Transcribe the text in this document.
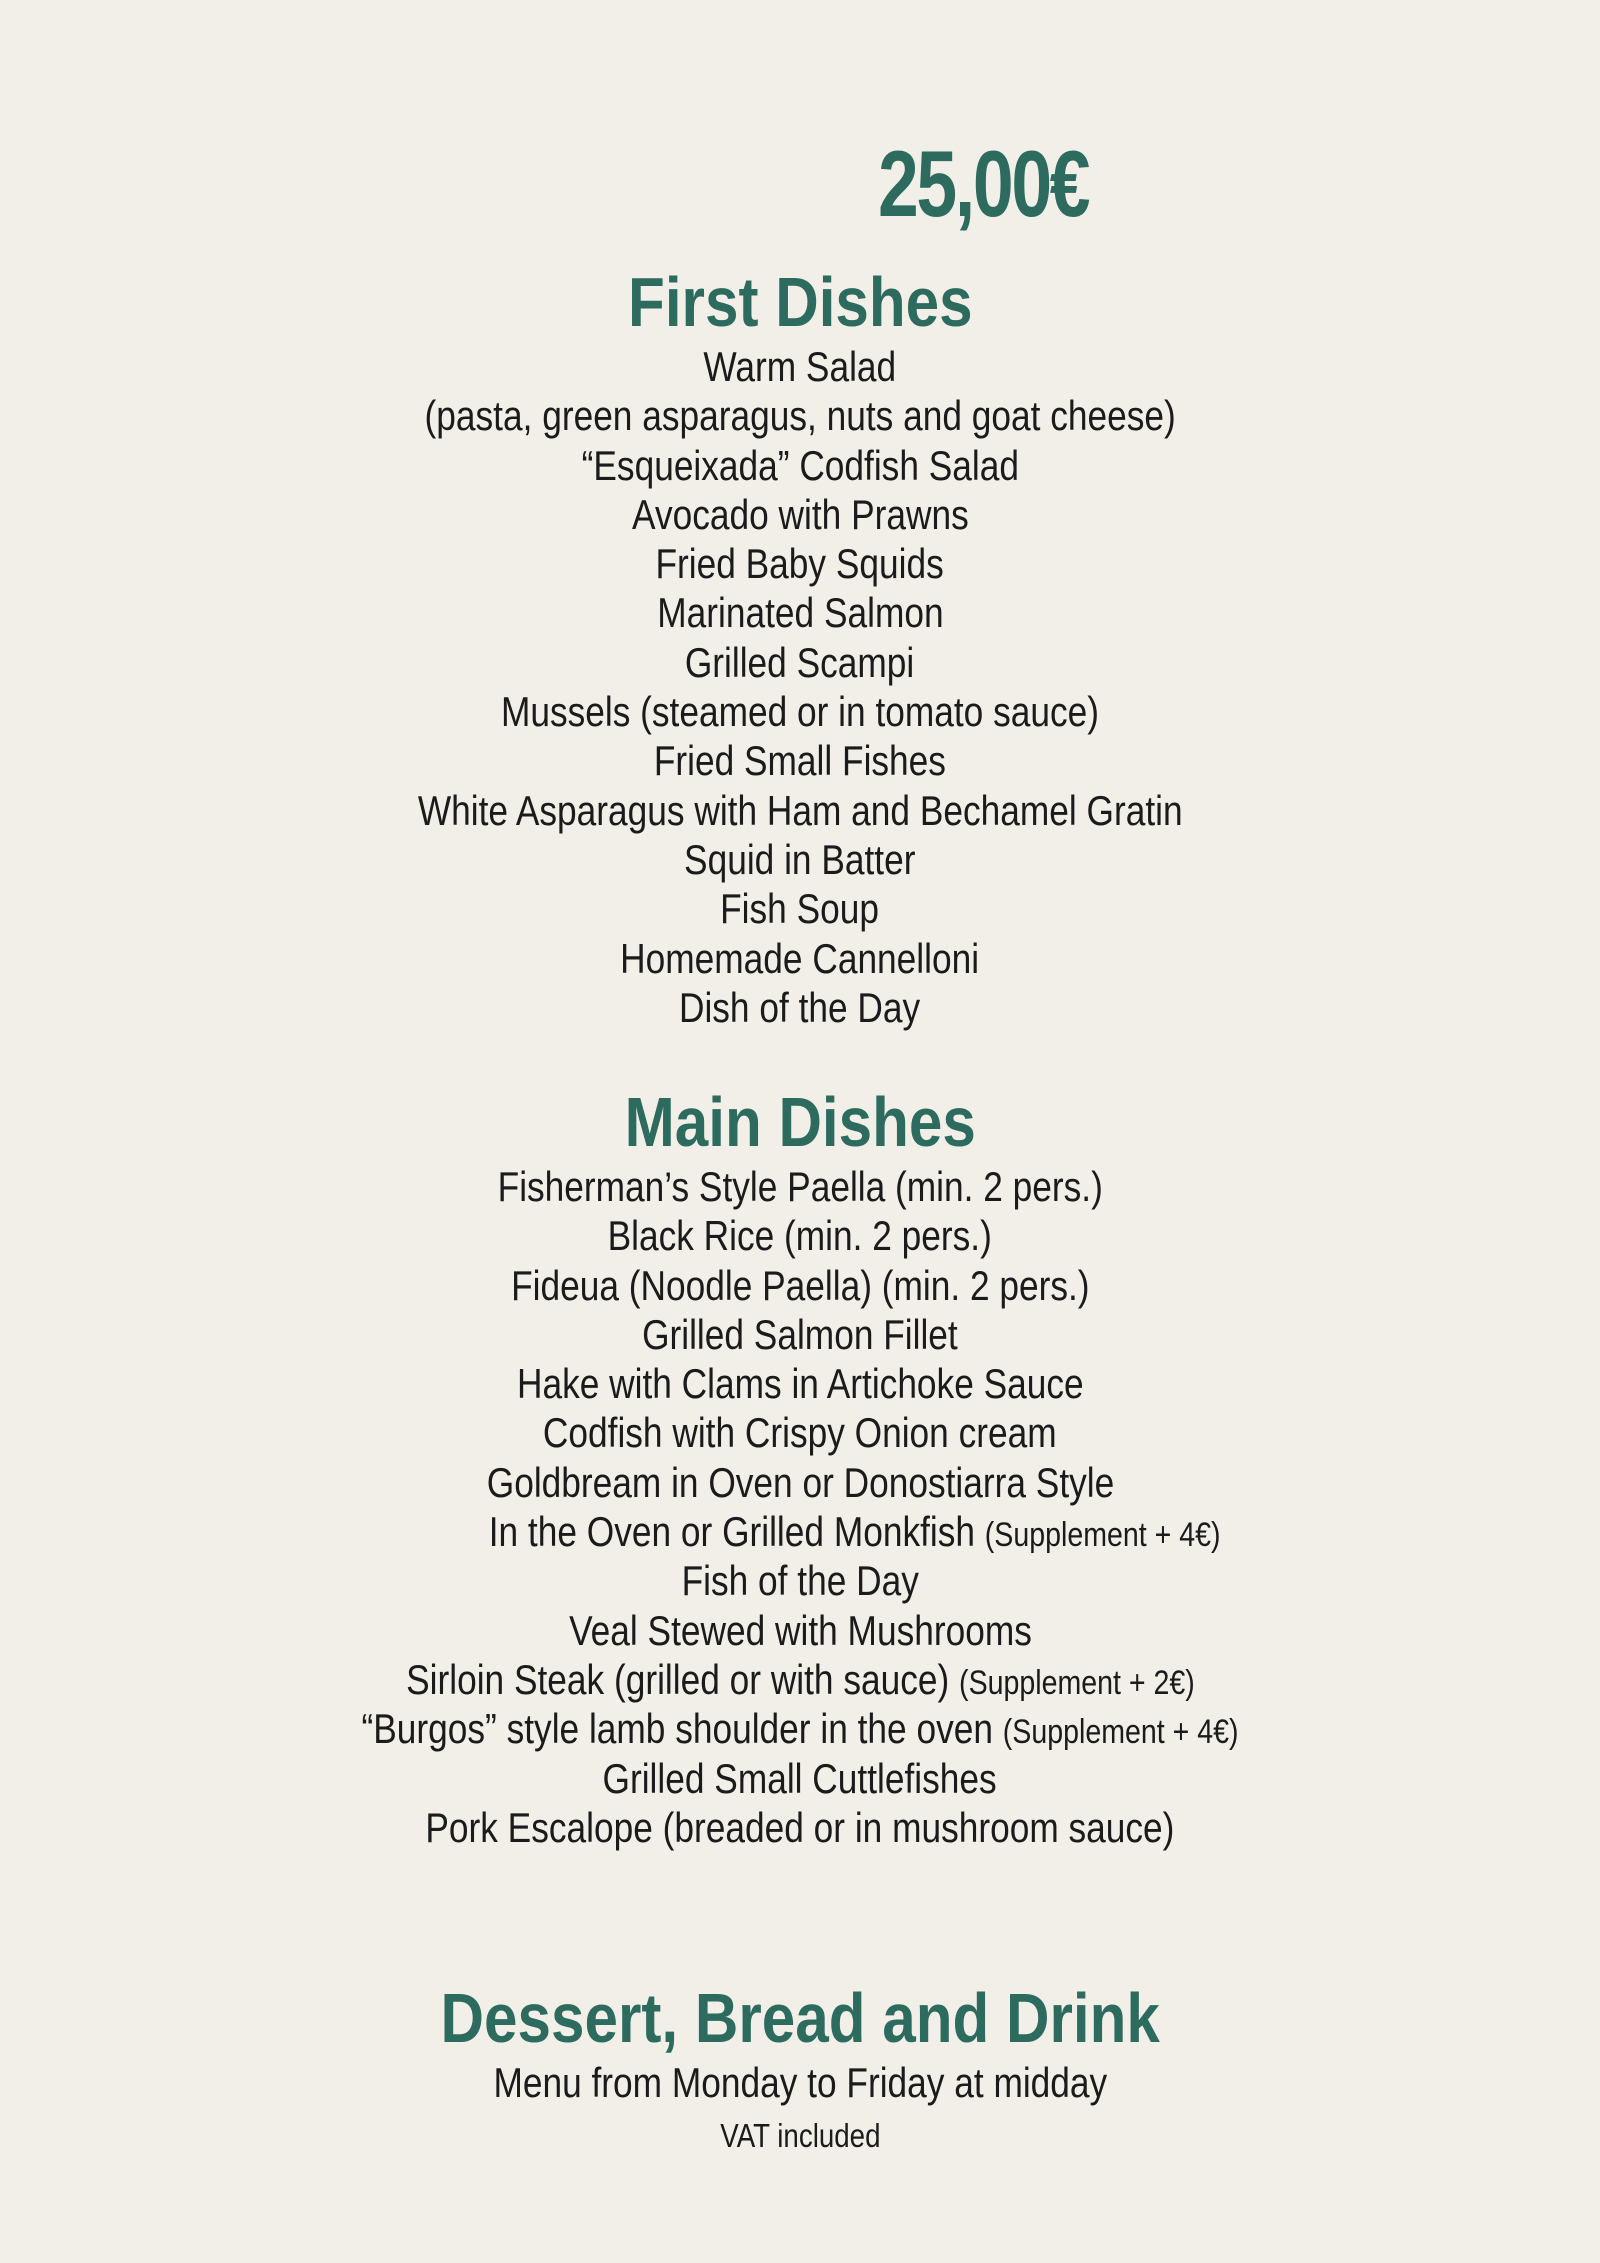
25,00€
First Dishes
Warm Salad
(pasta, green asparagus, nuts and goat cheese)
“Esqueixada” Codfish Salad
Avocado with Prawns
Fried Baby Squids
Marinated Salmon
Grilled Scampi
Mussels (steamed or in tomato sauce)
Fried Small Fishes
White Asparagus with Ham and Bechamel Gratin
Squid in Batter
Fish Soup
Homemade Cannelloni
Dish of the Day
Main Dishes
Fisherman’s Style Paella (min. 2 pers.)
Black Rice (min. 2 pers.)
Fideua (Noodle Paella) (min. 2 pers.)
Grilled Salmon Fillet
Hake with Clams in Artichoke Sauce
Codfish with Crispy Onion cream
Goldbream in Oven or Donostiarra Style
In the Oven or Grilled Monkfish (Supplement + 4€)
Fish of the Day
Veal Stewed with Mushrooms
Sirloin Steak (grilled or with sauce) (Supplement + 2€)
“Burgos” style lamb shoulder in the oven (Supplement + 4€)
Grilled Small Cuttlefishes
Pork Escalope (breaded or in mushroom sauce)
Dessert, Bread and Drink
Menu from Monday to Friday at midday
VAT included
